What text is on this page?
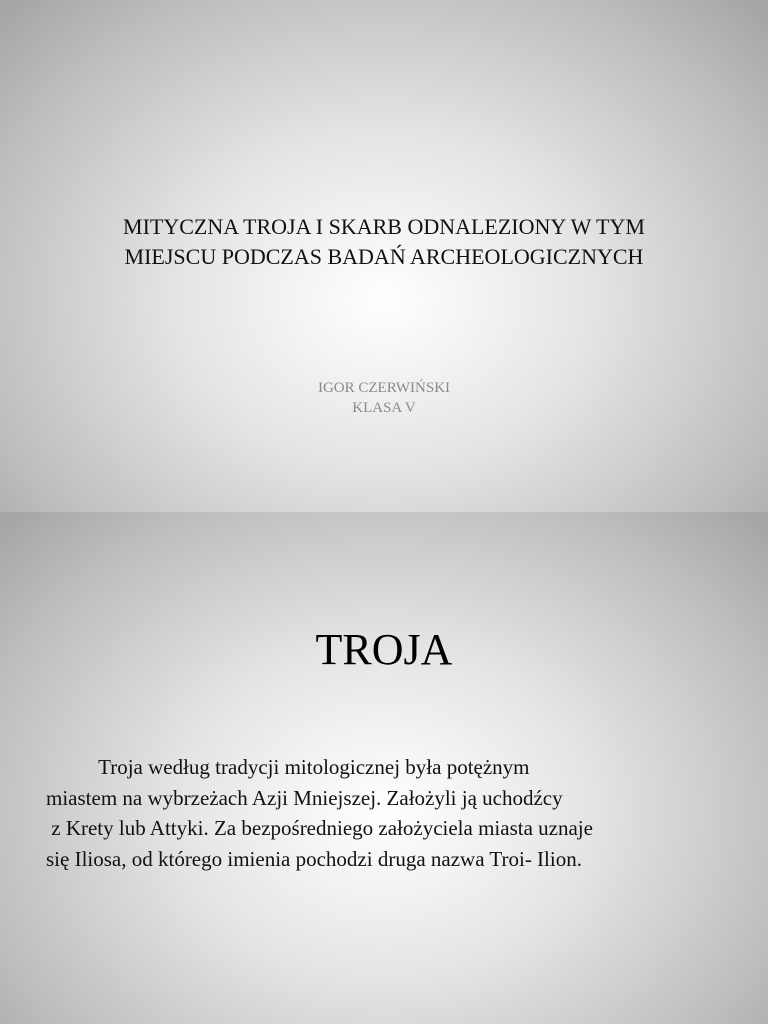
MITYCZNA TROJA I SKARB ODNALEZIONY W TYM
MIEJSCU PODCZAS BADAŃ ARCHEOLOGICZNYCH
IGOR CZERWIŃSKI
KLASA V
TROJA
Troja według tradycji mitologicznej była potężnym
miastem na wybrzeżach Azji Mniejszej. Założyli ją uchodźcy
z Krety lub Attyki. Za bezpośredniego założyciela miasta uznaje
się Iliosa, od którego imienia pochodzi druga nazwa Troi- Ilion.
